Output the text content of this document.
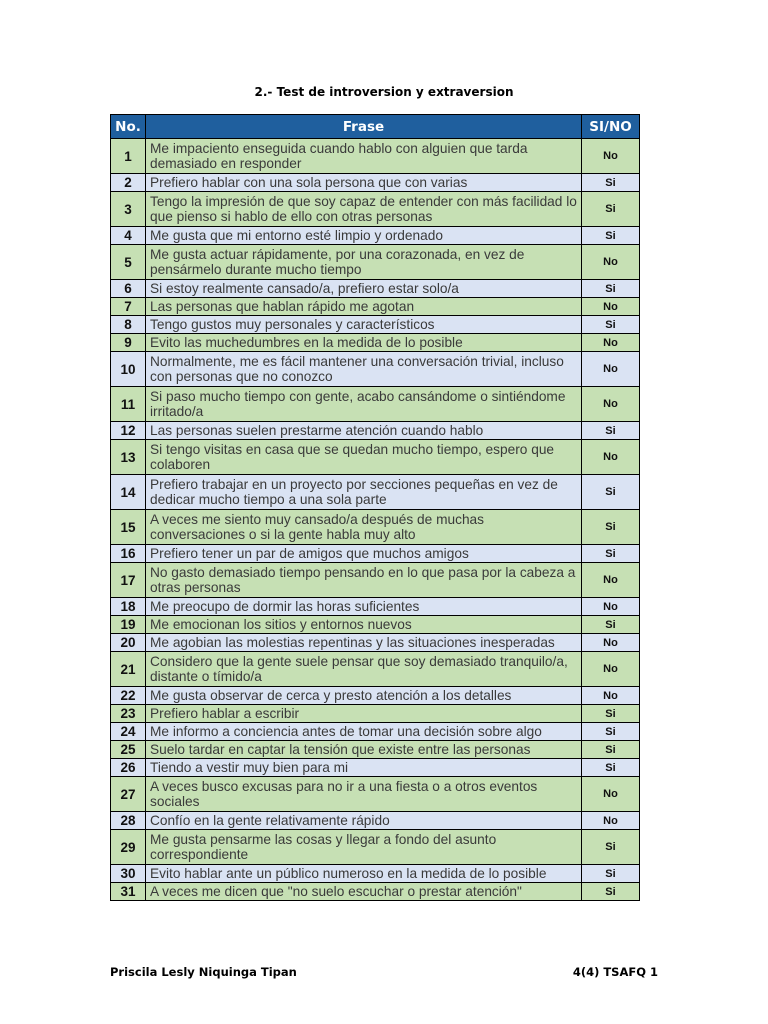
2.- Test de introversion y extraversion
No.	Frase	SI/NO
1	Me impaciento enseguida cuando hablo con alguien que tarda demasiado en responder	No
2	Prefiero hablar con una sola persona que con varias	Si
3	Tengo la impresión de que soy capaz de entender con más facilidad lo que pienso si hablo de ello con otras personas	Si
4	Me gusta que mi entorno esté limpio y ordenado	Si
5	Me gusta actuar rápidamente, por una corazonada, en vez de pensármelo durante mucho tiempo	No
6	Si estoy realmente cansado/a, prefiero estar solo/a	Si
7	Las personas que hablan rápido me agotan	No
8	Tengo gustos muy personales y característicos	Si
9	Evito las muchedumbres en la medida de lo posible	No
10	Normalmente, me es fácil mantener una conversación trivial, incluso con personas que no conozco	No
11	Si paso mucho tiempo con gente, acabo cansándome o sintiéndome irritado/a	No
12	Las personas suelen prestarme atención cuando hablo	Si
13	Si tengo visitas en casa que se quedan mucho tiempo, espero que colaboren	No
14	Prefiero trabajar en un proyecto por secciones pequeñas en vez de dedicar mucho tiempo a una sola parte	Si
15	A veces me siento muy cansado/a después de muchas conversaciones o si la gente habla muy alto	Si
16	Prefiero tener un par de amigos que muchos amigos	Si
17	No gasto demasiado tiempo pensando en lo que pasa por la cabeza a otras personas	No
18	Me preocupo de dormir las horas suficientes	No
19	Me emocionan los sitios y entornos nuevos	Si
20	Me agobian las molestias repentinas y las situaciones inesperadas	No
21	Considero que la gente suele pensar que soy demasiado tranquilo/a, distante o tímido/a	No
22	Me gusta observar de cerca y presto atención a los detalles	No
23	Prefiero hablar a escribir	Si
24	Me informo a conciencia antes de tomar una decisión sobre algo	Si
25	Suelo tardar en captar la tensión que existe entre las personas	Si
26	Tiendo a vestir muy bien para mi	Si
27	A veces busco excusas para no ir a una fiesta o a otros eventos sociales	No
28	Confío en la gente relativamente rápido	No
29	Me gusta pensarme las cosas y llegar a fondo del asunto correspondiente	Si
30	Evito hablar ante un público numeroso en la medida de lo posible	Si
31	A veces me dicen que "no suelo escuchar o prestar atención"	Si
Priscila Lesly Niquinga Tipan	4(4) TSAFQ 1
